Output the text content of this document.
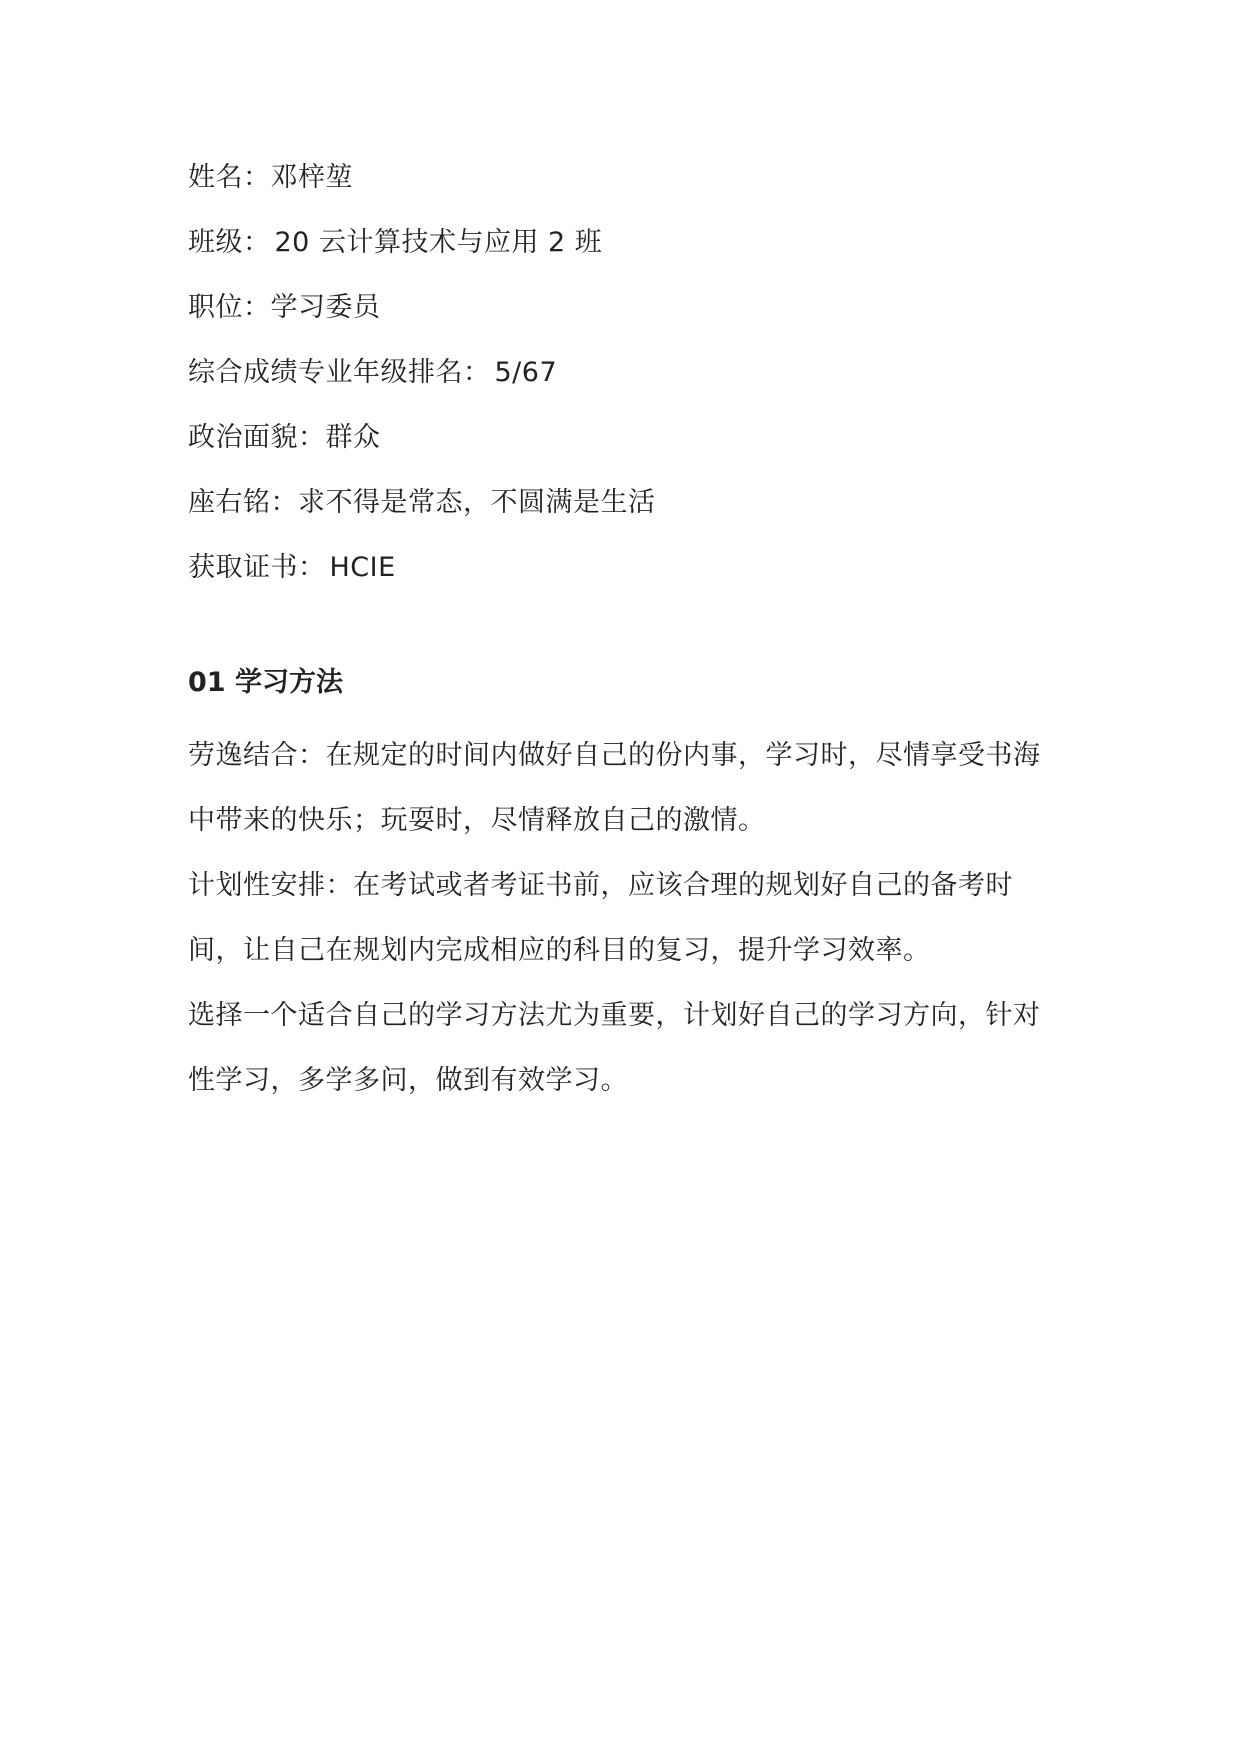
姓名：邓梓堃
班级： 20 云计算技术与应用 2 班
职位：学习委员
综合成绩专业年级排名： 5/67
政治面貌：群众
座右铭：求不得是常态，不圆满是生活
获取证书： HCIE
01 学习方法

劳逸结合：在规定的时间内做好自己的份内事，学习时，尽情享受书海中带来的快乐；玩耍时，尽情释放自己的激情。

计划性安排：在考试或者考证书前，应该合理的规划好自己的备考时间，让自己在规划内完成相应的科目的复习，提升学习效率。

选择一个适合自己的学习方法尤为重要，计划好自己的学习方向，针对性学习，多学多问，做到有效学习。
